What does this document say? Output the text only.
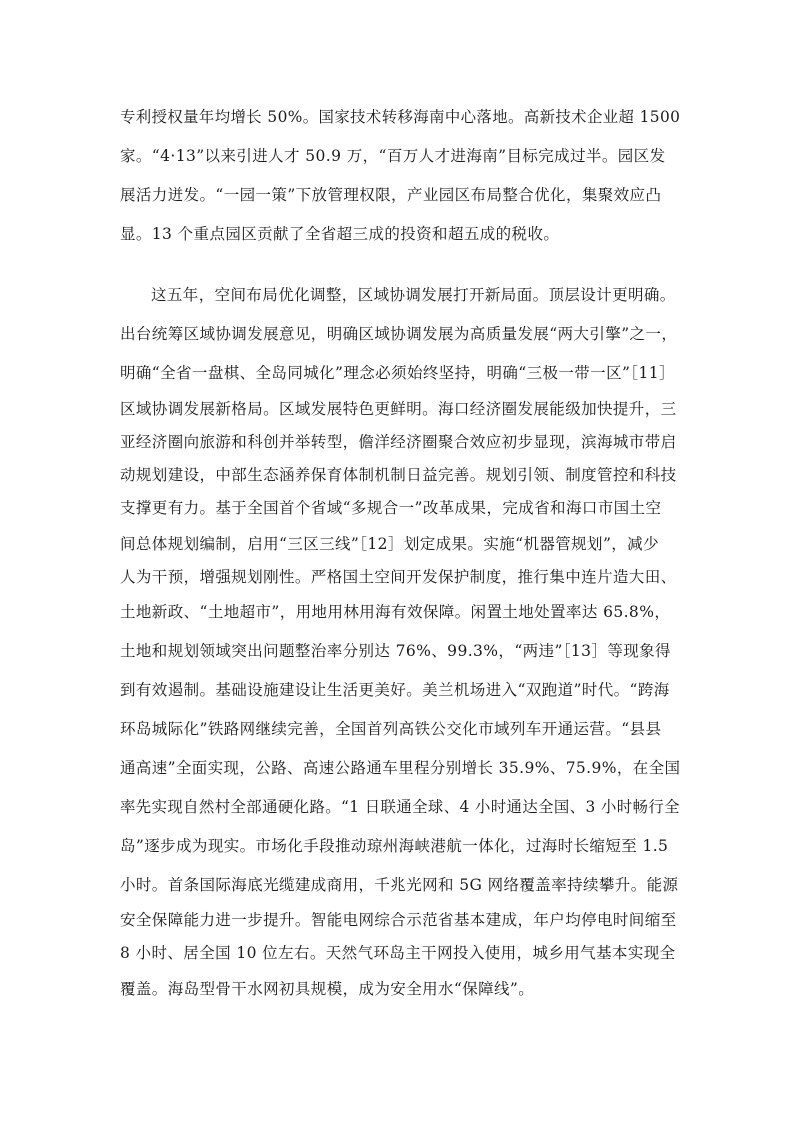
专利授权量年均增长 50%。国家技术转移海南中心落地。高新技术企业超 1500
家。“4·13”以来引进人才 50.9 万，“百万人才进海南”目标完成过半。园区发
展活力迸发。“一园一策”下放管理权限，产业园区布局整合优化，集聚效应凸
显。13 个重点园区贡献了全省超三成的投资和超五成的税收。
这五年，空间布局优化调整，区域协调发展打开新局面。顶层设计更明确。
出台统筹区域协调发展意见，明确区域协调发展为高质量发展“两大引擎”之一，
明确“全省一盘棋、全岛同城化”理念必须始终坚持，明确“三极一带一区”［11］
区域协调发展新格局。区域发展特色更鲜明。海口经济圈发展能级加快提升，三
亚经济圈向旅游和科创并举转型，儋洋经济圈聚合效应初步显现，滨海城市带启
动规划建设，中部生态涵养保育体制机制日益完善。规划引领、制度管控和科技
支撑更有力。基于全国首个省域“多规合一”改革成果，完成省和海口市国土空
间总体规划编制，启用“三区三线”［12］划定成果。实施“机器管规划”，减少
人为干预，增强规划刚性。严格国土空间开发保护制度，推行集中连片造大田、
土地新政、“土地超市”，用地用林用海有效保障。闲置土地处置率达 65.8%，
土地和规划领域突出问题整治率分别达 76%、99.3%，“两违”［13］等现象得
到有效遏制。基础设施建设让生活更美好。美兰机场进入“双跑道”时代。“跨海
环岛城际化”铁路网继续完善，全国首列高铁公交化市域列车开通运营。“县县
通高速”全面实现，公路、高速公路通车里程分别增长 35.9%、75.9%，在全国
率先实现自然村全部通硬化路。“1 日联通全球、4 小时通达全国、3 小时畅行全
岛”逐步成为现实。市场化手段推动琼州海峡港航一体化，过海时长缩短至 1.5
小时。首条国际海底光缆建成商用，千兆光网和 5G 网络覆盖率持续攀升。能源
安全保障能力进一步提升。智能电网综合示范省基本建成，年户均停电时间缩至
8 小时、居全国 10 位左右。天然气环岛主干网投入使用，城乡用气基本实现全
覆盖。海岛型骨干水网初具规模，成为安全用水“保障线”。
